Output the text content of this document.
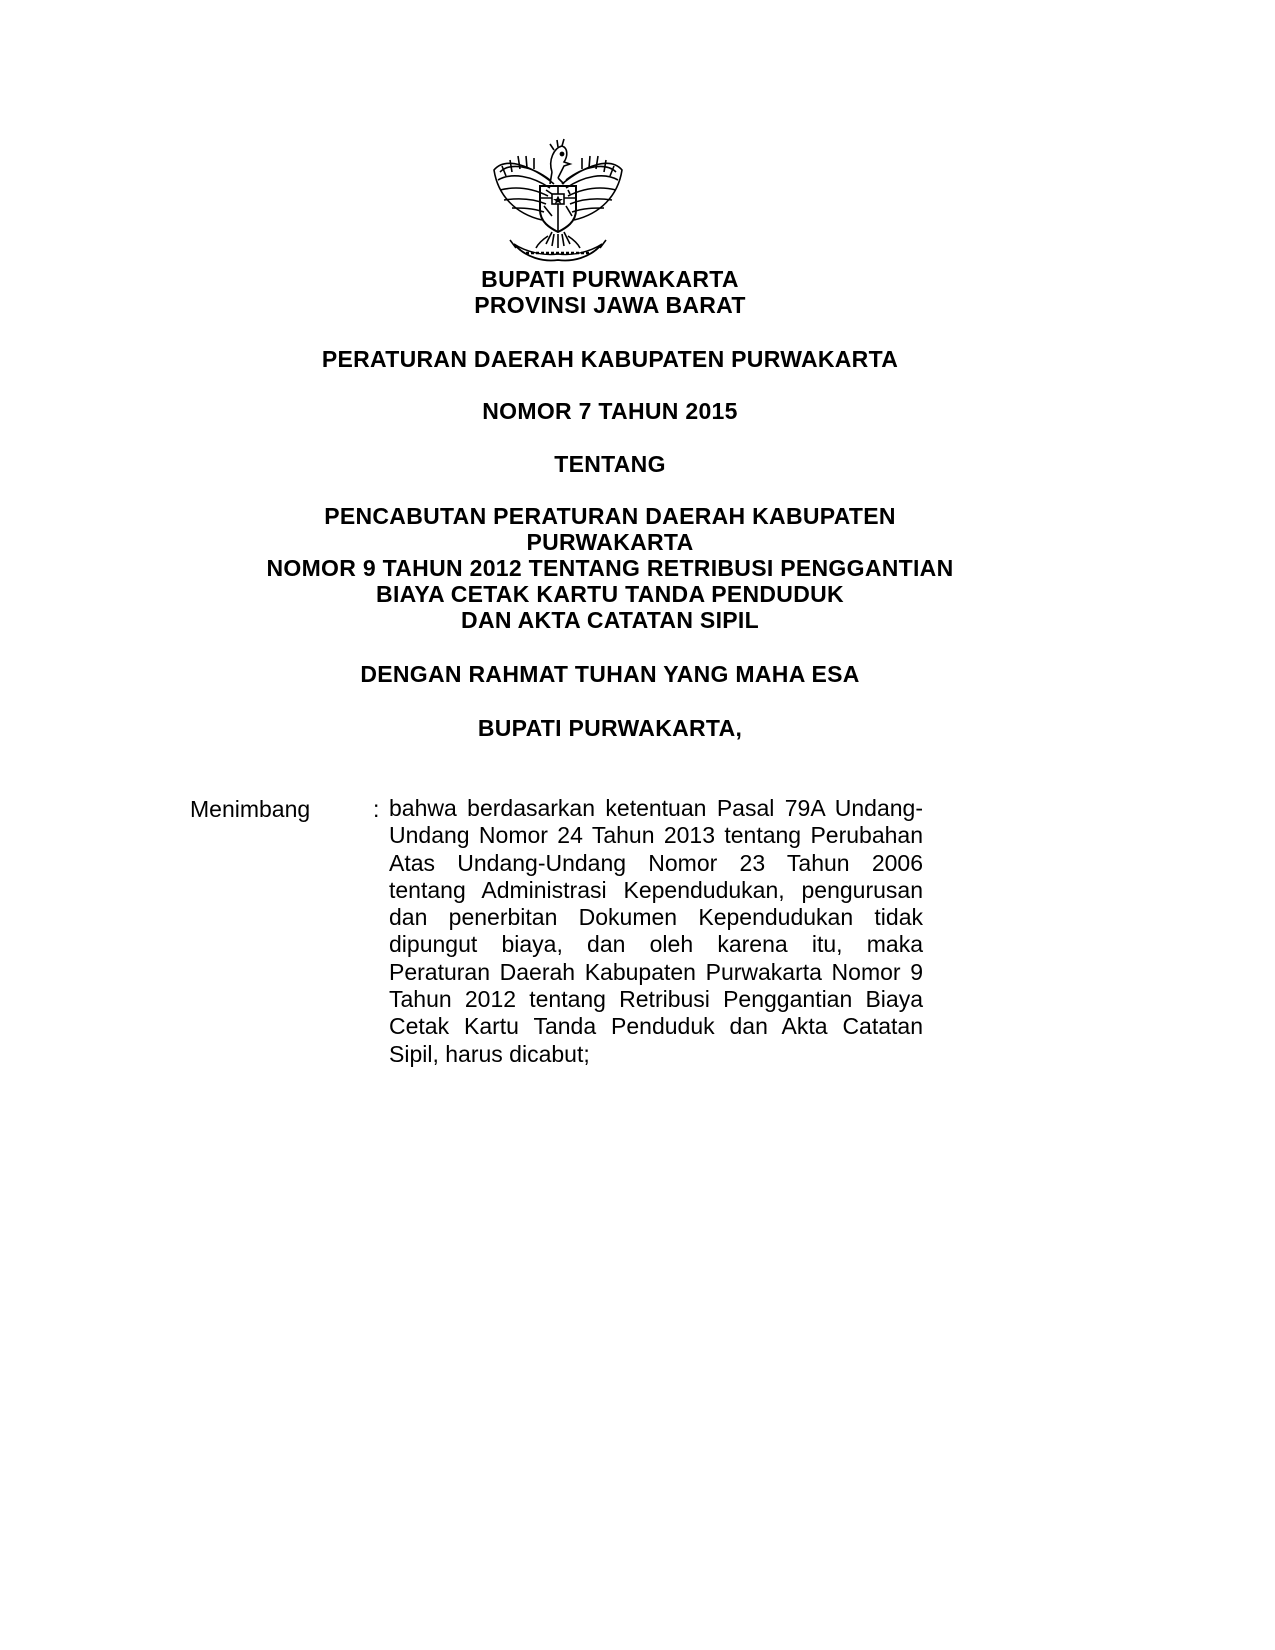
BUPATI PURWAKARTA
PROVINSI JAWA BARAT
PERATURAN DAERAH KABUPATEN PURWAKARTA
NOMOR 7 TAHUN 2015
TENTANG
PENCABUTAN PERATURAN DAERAH KABUPATEN
PURWAKARTA
NOMOR 9 TAHUN 2012 TENTANG RETRIBUSI PENGGANTIAN
BIAYA CETAK KARTU TANDA PENDUDUK
DAN AKTA CATATAN SIPIL
DENGAN RAHMAT TUHAN YANG MAHA ESA
BUPATI PURWAKARTA,
Menimbang	: bahwa berdasarkan ketentuan Pasal 79A Undang-Undang Nomor 24 Tahun 2013 tentang Perubahan Atas Undang-Undang Nomor 23 Tahun 2006 tentang Administrasi Kependudukan, pengurusan dan penerbitan Dokumen Kependudukan tidak dipungut biaya, dan oleh karena itu, maka Peraturan Daerah Kabupaten Purwakarta Nomor 9 Tahun 2012 tentang Retribusi Penggantian Biaya Cetak Kartu Tanda Penduduk dan Akta Catatan Sipil, harus dicabut;
